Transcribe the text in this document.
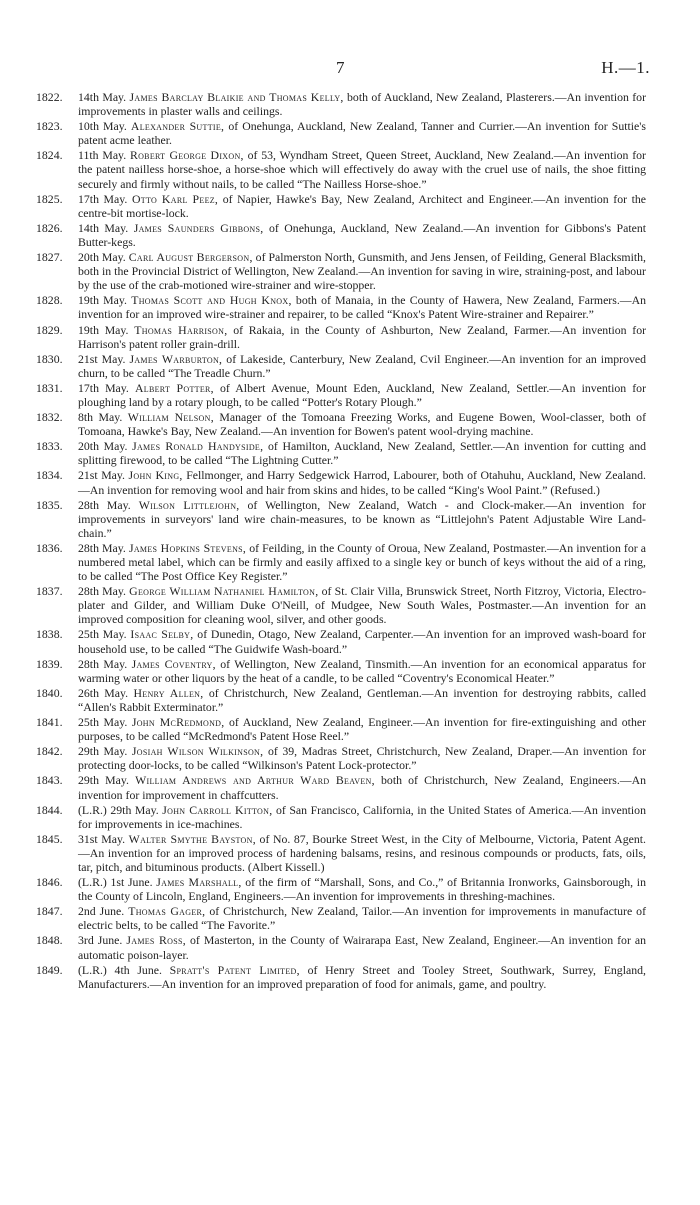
7	H.—1.
1822.	14th May. James Barclay Blaikie and Thomas Kelly, both of Auckland, New Zealand, Plasterers.—An invention for improvements in plaster walls and ceilings.
1823.	10th May. Alexander Suttie, of Onehunga, Auckland, New Zealand, Tanner and Currier.—An invention for Suttie's patent acme leather.
1824.	11th May. Robert George Dixon, of 53, Wyndham Street, Queen Street, Auckland, New Zealand.—An invention for the patent nailless horse-shoe, a horse-shoe which will effectively do away with the cruel use of nails, the shoe fitting securely and firmly without nails, to be called “The Nailless Horse-shoe.”
1825.	17th May. Otto Karl Peez, of Napier, Hawke's Bay, New Zealand, Architect and Engineer.—An invention for the centre-bit mortise-lock.
1826.	14th May. James Saunders Gibbons, of Onehunga, Auckland, New Zealand.—An invention for Gibbons's Patent Butter-kegs.
1827.	20th May. Carl August Bergerson, of Palmerston North, Gunsmith, and Jens Jensen, of Feilding, General Blacksmith, both in the Provincial District of Wellington, New Zealand.—An invention for saving in wire, straining-post, and labour by the use of the crab-motioned wire-strainer and wire-stopper.
1828.	19th May. Thomas Scott and Hugh Knox, both of Manaia, in the County of Hawera, New Zealand, Farmers.—An invention for an improved wire-strainer and repairer, to be called “Knox's Patent Wire-strainer and Repairer.”
1829.	19th May. Thomas Harrison, of Rakaia, in the County of Ashburton, New Zealand, Farmer.—An invention for Harrison's patent roller grain-drill.
1830.	21st May. James Warburton, of Lakeside, Canterbury, New Zealand, Cvil Engineer.—An invention for an improved churn, to be called “The Treadle Churn.”
1831.	17th May. Albert Potter, of Albert Avenue, Mount Eden, Auckland, New Zealand, Settler.—An invention for ploughing land by a rotary plough, to be called “Potter's Rotary Plough.”
1832.	8th May. William Nelson, Manager of the Tomoana Freezing Works, and Eugene Bowen, Wool-classer, both of Tomoana, Hawke's Bay, New Zealand.—An invention for Bowen's patent wool-drying machine.
1833.	20th May. James Ronald Handyside, of Hamilton, Auckland, New Zealand, Settler.—An invention for cutting and splitting firewood, to be called “The Lightning Cutter.”
1834.	21st May. John King, Fellmonger, and Harry Sedgewick Harrod, Labourer, both of Otahuhu, Auckland, New Zealand.—An invention for removing wool and hair from skins and hides, to be called “King's Wool Paint.” (Refused.)
1835.	28th May. Wilson Littlejohn, of Wellington, New Zealand, Watch - and Clock-maker.—An invention for improvements in surveyors' land wire chain-measures, to be known as “Littlejohn's Patent Adjustable Wire Land-chain.”
1836.	28th May. James Hopkins Stevens, of Feilding, in the County of Oroua, New Zealand, Postmaster.—An invention for a numbered metal label, which can be firmly and easily affixed to a single key or bunch of keys without the aid of a ring, to be called “The Post Office Key Register.”
1837.	28th May. George William Nathaniel Hamilton, of St. Clair Villa, Brunswick Street, North Fitzroy, Victoria, Electro-plater and Gilder, and William Duke O'Neill, of Mudgee, New South Wales, Postmaster.—An invention for an improved composition for cleaning wool, silver, and other goods.
1838.	25th May. Isaac Selby, of Dunedin, Otago, New Zealand, Carpenter.—An invention for an improved wash-board for household use, to be called “The Guidwife Wash-board.”
1839.	28th May. James Coventry, of Wellington, New Zealand, Tinsmith.—An invention for an economical apparatus for warming water or other liquors by the heat of a candle, to be called “Coventry's Economical Heater.”
1840.	26th May. Henry Allen, of Christchurch, New Zealand, Gentleman.—An invention for destroying rabbits, called “Allen's Rabbit Exterminator.”
1841.	25th May. John McRedmond, of Auckland, New Zealand, Engineer.—An invention for fire-extinguishing and other purposes, to be called “McRedmond's Patent Hose Reel.”
1842.	29th May. Josiah Wilson Wilkinson, of 39, Madras Street, Christchurch, New Zealand, Draper.—An invention for protecting door-locks, to be called “Wilkinson's Patent Lock-protector.”
1843.	29th May. William Andrews and Arthur Ward Beaven, both of Christchurch, New Zealand, Engineers.—An invention for improvement in chaffcutters.
1844.	(L.R.) 29th May. John Carroll Kitton, of San Francisco, California, in the United States of America.—An invention for improvements in ice-machines.
1845.	31st May. Walter Smythe Bayston, of No. 87, Bourke Street West, in the City of Melbourne, Victoria, Patent Agent.—An invention for an improved process of hardening balsams, resins, and resinous compounds or products, fats, oils, tar, pitch, and bituminous products. (Albert Kissell.)
1846.	(L.R.) 1st June. James Marshall, of the firm of “Marshall, Sons, and Co.,” of Britannia Ironworks, Gainsborough, in the County of Lincoln, England, Engineers.—An invention for improvements in threshing-machines.
1847.	2nd June. Thomas Gager, of Christchurch, New Zealand, Tailor.—An invention for improvements in manufacture of electric belts, to be called “The Favorite.”
1848.	3rd June. James Ross, of Masterton, in the County of Wairarapa East, New Zealand, Engineer.—An invention for an automatic poison-layer.
1849.	(L.R.) 4th June. Spratt's Patent Limited, of Henry Street and Tooley Street, Southwark, Surrey, England, Manufacturers.—An invention for an improved preparation of food for animals, game, and poultry.
